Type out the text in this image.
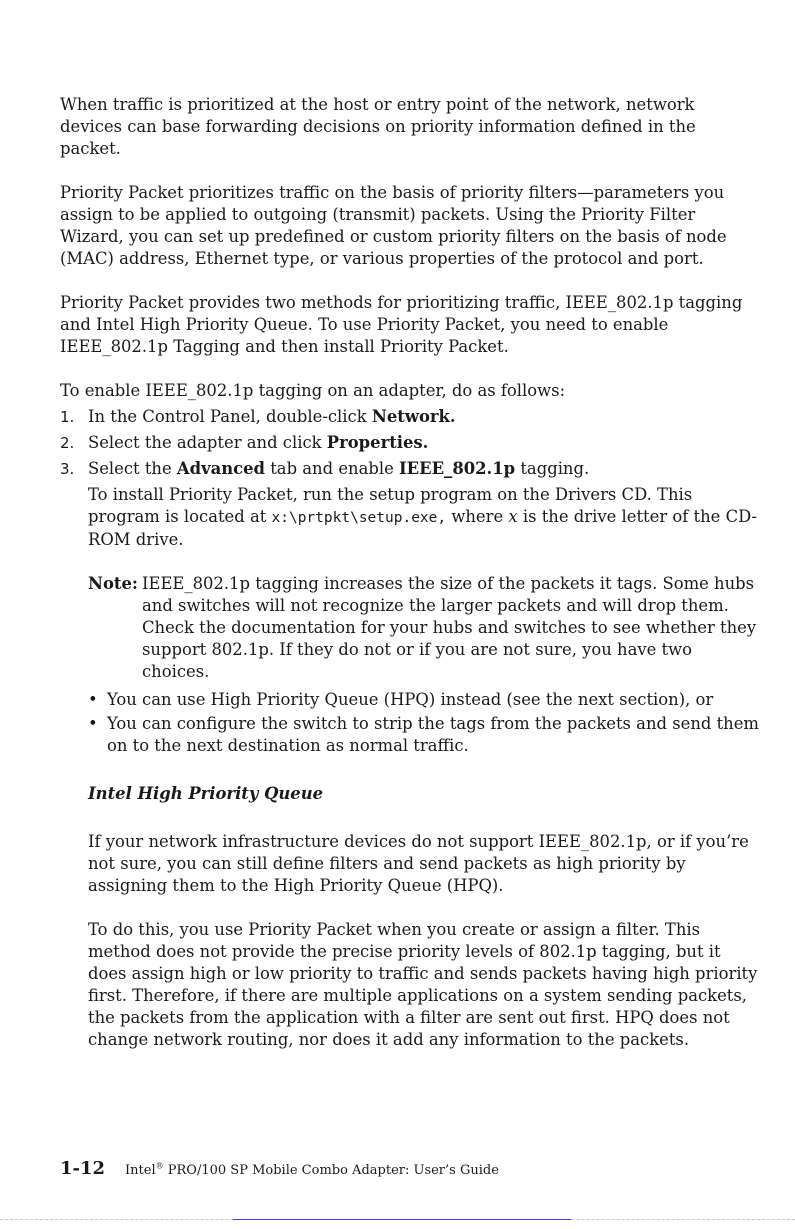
When traffic is prioritized at the host or entry point of the network, network devices can base forwarding decisions on priority information defined in the packet.

Priority Packet prioritizes traffic on the basis of priority filters—parameters you assign to be applied to outgoing (transmit) packets. Using the Priority Filter Wizard, you can set up predefined or custom priority filters on the basis of node (MAC) address, Ethernet type, or various properties of the protocol and port.

Priority Packet provides two methods for prioritizing traffic, IEEE_802.1p tagging and Intel High Priority Queue. To use Priority Packet, you need to enable IEEE_802.1p Tagging and then install Priority Packet.

To enable IEEE_802.1p tagging on an adapter, do as follows:

1. In the Control Panel, double-click Network.
2. Select the adapter and click Properties.
3. Select the Advanced tab and enable IEEE_802.1p tagging.

To install Priority Packet, run the setup program on the Drivers CD. This program is located at x:\prtpkt\setup.exe, where x is the drive letter of the CD-ROM drive.

Note: IEEE_802.1p tagging increases the size of the packets it tags. Some hubs and switches will not recognize the larger packets and will drop them. Check the documentation for your hubs and switches to see whether they support 802.1p. If they do not or if you are not sure, you have two choices.
• You can use High Priority Queue (HPQ) instead (see the next section), or
• You can configure the switch to strip the tags from the packets and send them on to the next destination as normal traffic.

Intel High Priority Queue

If your network infrastructure devices do not support IEEE_802.1p, or if you’re not sure, you can still define filters and send packets as high priority by assigning them to the High Priority Queue (HPQ).

To do this, you use Priority Packet when you create or assign a filter. This method does not provide the precise priority levels of 802.1p tagging, but it does assign high or low priority to traffic and sends packets having high priority first. Therefore, if there are multiple applications on a system sending packets, the packets from the application with a filter are sent out first. HPQ does not change network routing, nor does it add any information to the packets.

1-12 Intel® PRO/100 SP Mobile Combo Adapter: User’s Guide
